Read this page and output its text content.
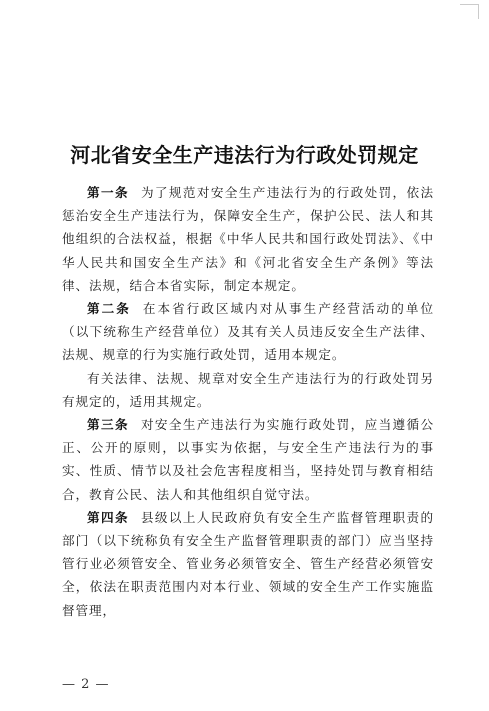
河北省安全生产违法行为行政处罚规定

第一条 为了规范对安全生产违法行为的行政处罚，依法惩治安全生产违法行为，保障安全生产，保护公民、法人和其他组织的合法权益，根据《中华人民共和国行政处罚法》、《中华人民共和国安全生产法》和《河北省安全生产条例》等法律、法规，结合本省实际，制定本规定。

第二条 在本省行政区域内对从事生产经营活动的单位（以下统称生产经营单位）及其有关人员违反安全生产法律、法规、规章的行为实施行政处罚，适用本规定。

有关法律、法规、规章对安全生产违法行为的行政处罚另有规定的，适用其规定。

第三条 对安全生产违法行为实施行政处罚，应当遵循公正、公开的原则，以事实为依据，与安全生产违法行为的事实、性质、情节以及社会危害程度相当，坚持处罚与教育相结合，教育公民、法人和其他组织自觉守法。

第四条 县级以上人民政府负有安全生产监督管理职责的部门（以下统称负有安全生产监督管理职责的部门）应当坚持管行业必须管安全、管业务必须管安全、管生产经营必须管安全，依法在职责范围内对本行业、领域的安全生产工作实施监督管理，

— 2 —
